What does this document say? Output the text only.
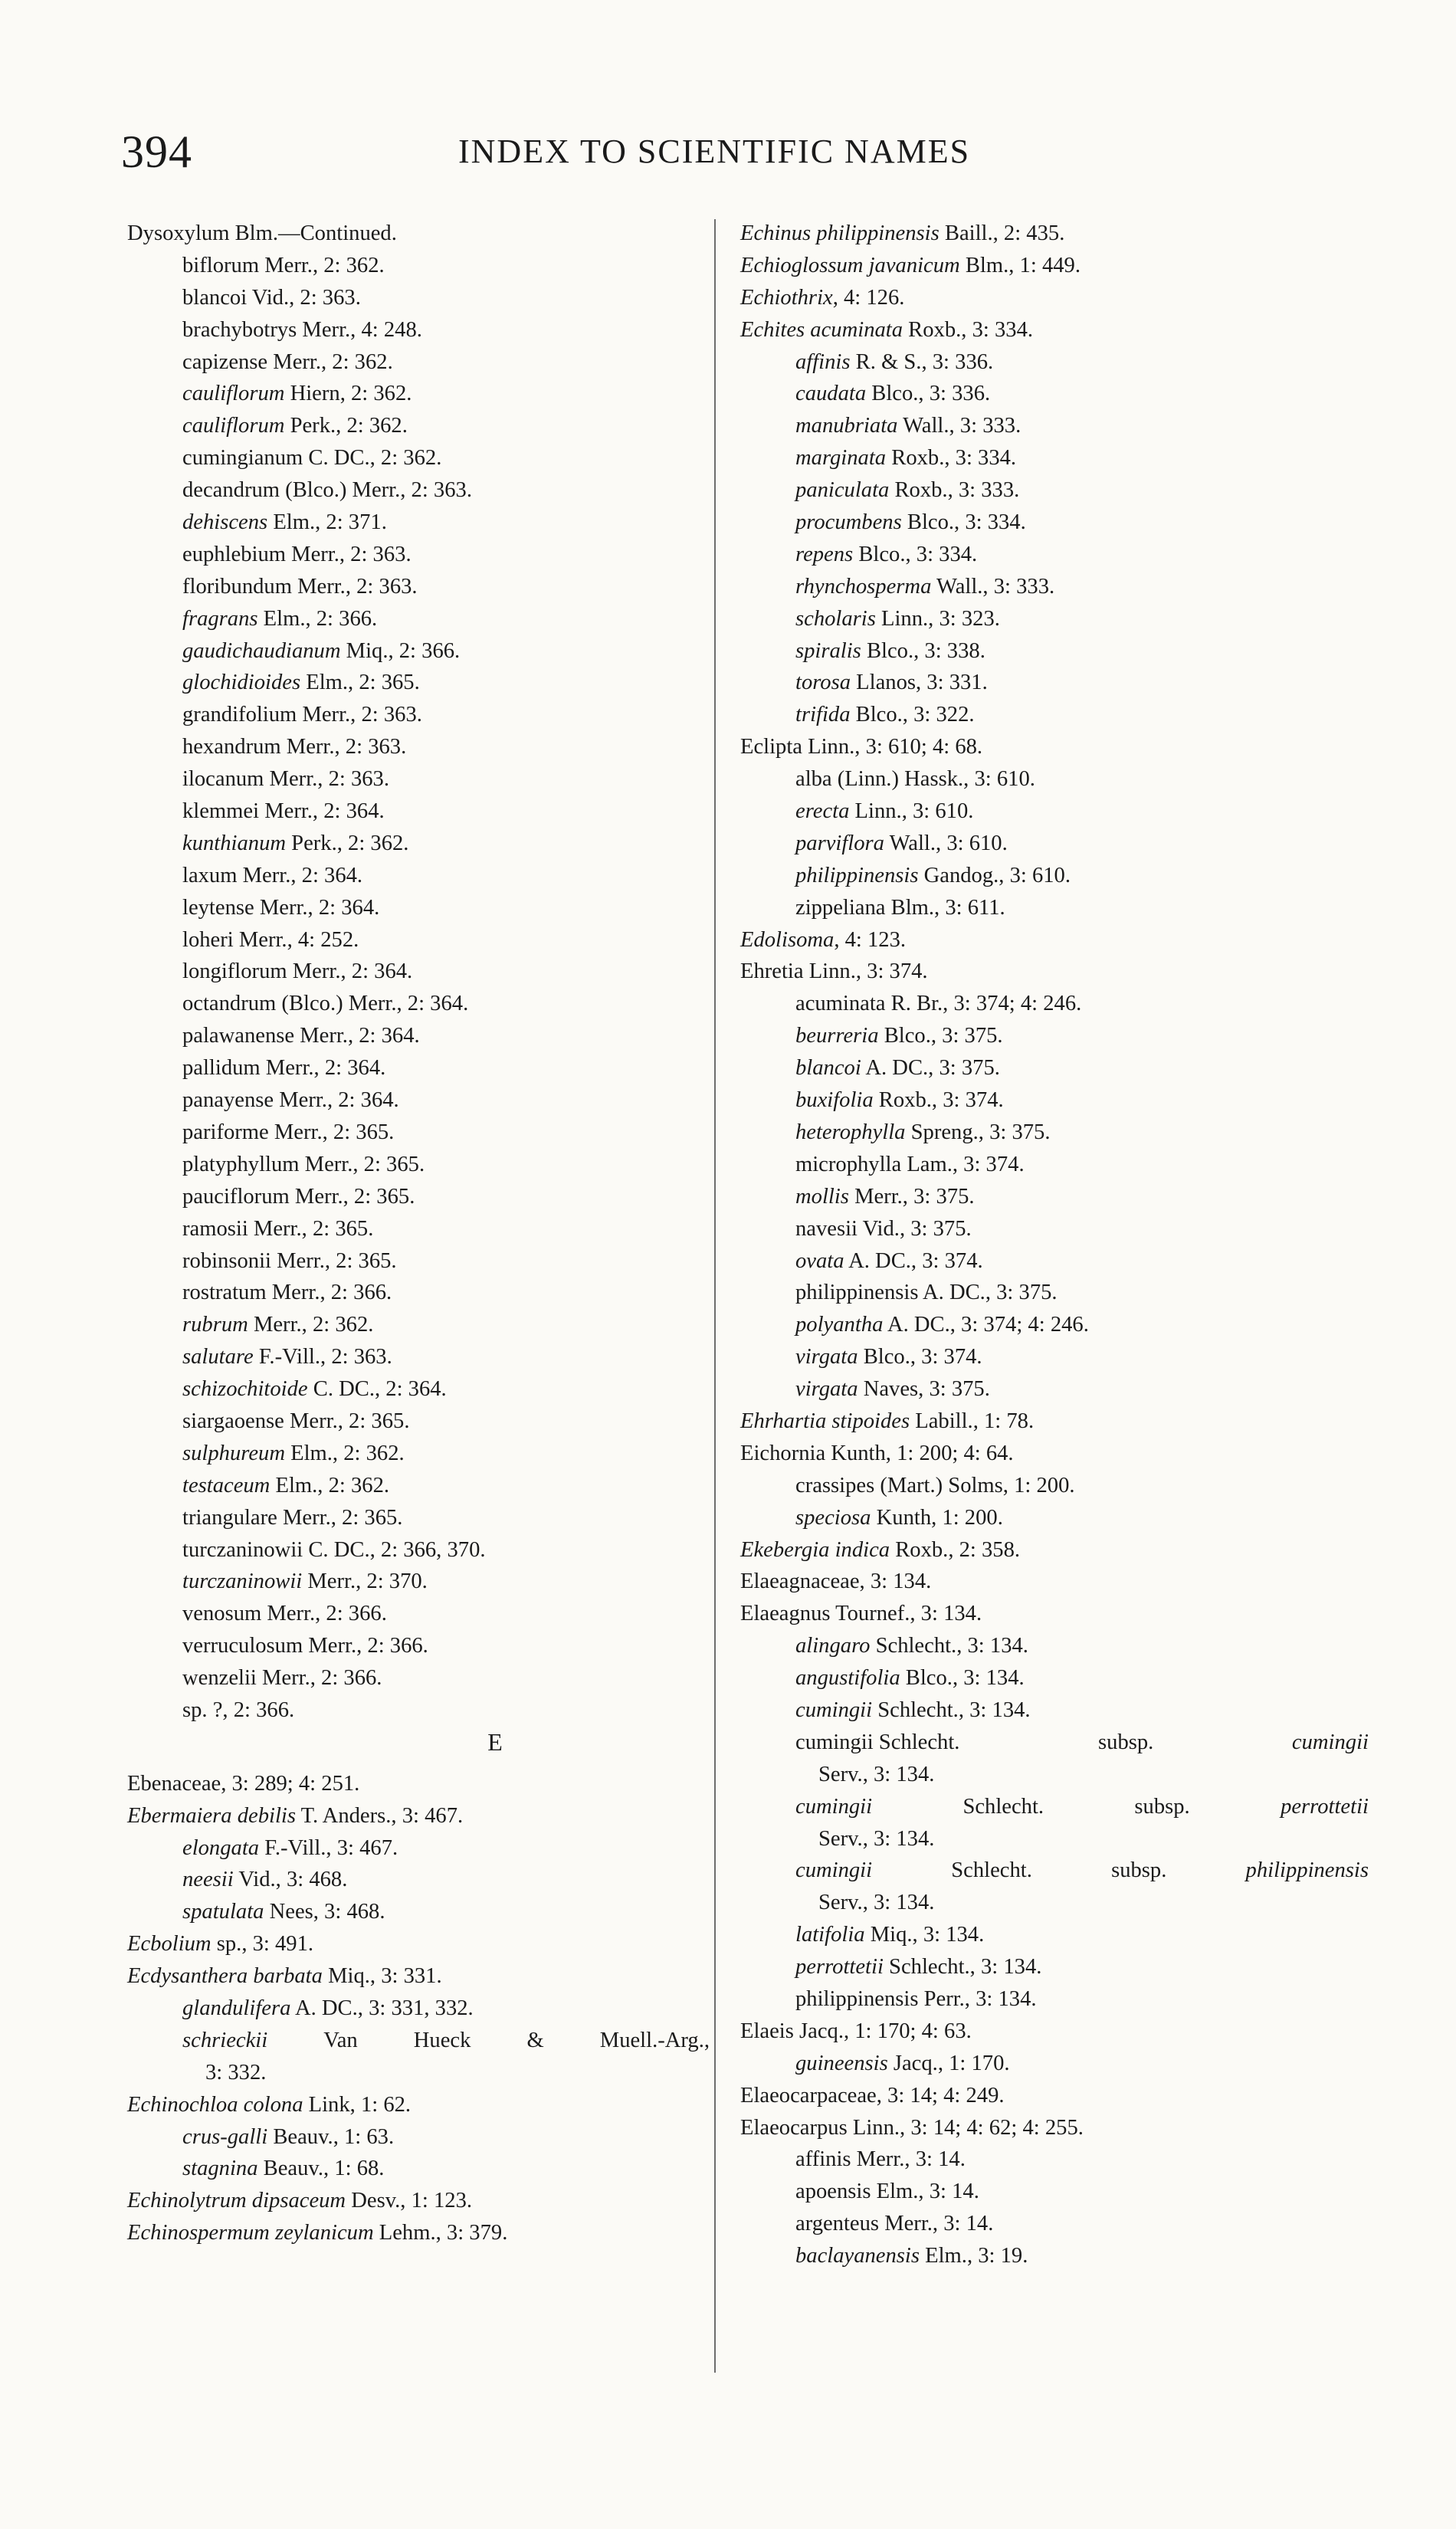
394	INDEX TO SCIENTIFIC NAMES
Dysoxylum Blm.—Continued.
biflorum Merr., 2: 362.
blancoi Vid., 2: 363.
brachybotrys Merr., 4: 248.
capizense Merr., 2: 362.
cauliflorum Hiern, 2: 362.
cauliflorum Perk., 2: 362.
cumingianum C. DC., 2: 362.
decandrum (Blco.) Merr., 2: 363.
dehiscens Elm., 2: 371.
euphlebium Merr., 2: 363.
floribundum Merr., 2: 363.
fragrans Elm., 2: 366.
gaudichaudianum Miq., 2: 366.
glochidioides Elm., 2: 365.
grandifolium Merr., 2: 363.
hexandrum Merr., 2: 363.
ilocanum Merr., 2: 363.
klemmei Merr., 2: 364.
kunthianum Perk., 2: 362.
laxum Merr., 2: 364.
leytense Merr., 2: 364.
loheri Merr., 4: 252.
longiflorum Merr., 2: 364.
octandrum (Blco.) Merr., 2: 364.
palawanense Merr., 2: 364.
pallidum Merr., 2: 364.
panayense Merr., 2: 364.
pariforme Merr., 2: 365.
platyphyllum Merr., 2: 365.
pauciflorum Merr., 2: 365.
ramosii Merr., 2: 365.
robinsonii Merr., 2: 365.
rostratum Merr., 2: 366.
rubrum Merr., 2: 362.
salutare F.-Vill., 2: 363.
schizochitoide C. DC., 2: 364.
siargaoense Merr., 2: 365.
sulphureum Elm., 2: 362.
testaceum Elm., 2: 362.
triangulare Merr., 2: 365.
turczaninowii C. DC., 2: 366, 370.
turczaninowii Merr., 2: 370.
venosum Merr., 2: 366.
verruculosum Merr., 2: 366.
wenzelii Merr., 2: 366.
sp. ?, 2: 366.
E
Ebenaceae, 3: 289; 4: 251.
Ebermaiera debilis T. Anders., 3: 467.
elongata F.-Vill., 3: 467.
neesii Vid., 3: 468.
spatulata Nees, 3: 468.
Ecbolium sp., 3: 491.
Ecdysanthera barbata Miq., 3: 331.
glandulifera A. DC., 3: 331, 332.
schrieckii	Van	Hueck	&	Muell.-Arg.,
3: 332.
Echinochloa colona Link, 1: 62.
crus-galli Beauv., 1: 63.
stagnina Beauv., 1: 68.
Echinolytrum dipsaceum Desv., 1: 123.
Echinospermum zeylanicum Lehm., 3: 379.
Echinus philippinensis Baill., 2: 435.
Echioglossum javanicum Blm., 1: 449.
Echiothrix, 4: 126.
Echites acuminata Roxb., 3: 334.
affinis R. & S., 3: 336.
caudata Blco., 3: 336.
manubriata Wall., 3: 333.
marginata Roxb., 3: 334.
paniculata Roxb., 3: 333.
procumbens Blco., 3: 334.
repens Blco., 3: 334.
rhynchosperma Wall., 3: 333.
scholaris Linn., 3: 323.
spiralis Blco., 3: 338.
torosa Llanos, 3: 331.
trifida Blco., 3: 322.
Eclipta Linn., 3: 610; 4: 68.
alba (Linn.) Hassk., 3: 610.
erecta Linn., 3: 610.
parviflora Wall., 3: 610.
philippinensis Gandog., 3: 610.
zippeliana Blm., 3: 611.
Edolisoma, 4: 123.
Ehretia Linn., 3: 374.
acuminata R. Br., 3: 374; 4: 246.
beurreria Blco., 3: 375.
blancoi A. DC., 3: 375.
buxifolia Roxb., 3: 374.
heterophylla Spreng., 3: 375.
microphylla Lam., 3: 374.
mollis Merr., 3: 375.
navesii Vid., 3: 375.
ovata A. DC., 3: 374.
philippinensis A. DC., 3: 375.
polyantha A. DC., 3: 374; 4: 246.
virgata Blco., 3: 374.
virgata Naves, 3: 375.
Ehrhartia stipoides Labill., 1: 78.
Eichornia Kunth, 1: 200; 4: 64.
crassipes (Mart.) Solms, 1: 200.
speciosa Kunth, 1: 200.
Ekebergia indica Roxb., 2: 358.
Elaeagnaceae, 3: 134.
Elaeagnus Tournef., 3: 134.
alingaro Schlecht., 3: 134.
angustifolia Blco., 3: 134.
cumingii Schlecht., 3: 134.
cumingii Schlecht.	subsp.	cumingii
Serv., 3: 134.
cumingii	Schlecht.	subsp.	perrottetii
Serv., 3: 134.
cumingii	Schlecht.	subsp.	philippinensis
Serv., 3: 134.
latifolia Miq., 3: 134.
perrottetii Schlecht., 3: 134.
philippinensis Perr., 3: 134.
Elaeis Jacq., 1: 170; 4: 63.
guineensis Jacq., 1: 170.
Elaeocarpaceae, 3: 14; 4: 249.
Elaeocarpus Linn., 3: 14; 4: 62; 4: 255.
affinis Merr., 3: 14.
apoensis Elm., 3: 14.
argenteus Merr., 3: 14.
baclayanensis Elm., 3: 19.
